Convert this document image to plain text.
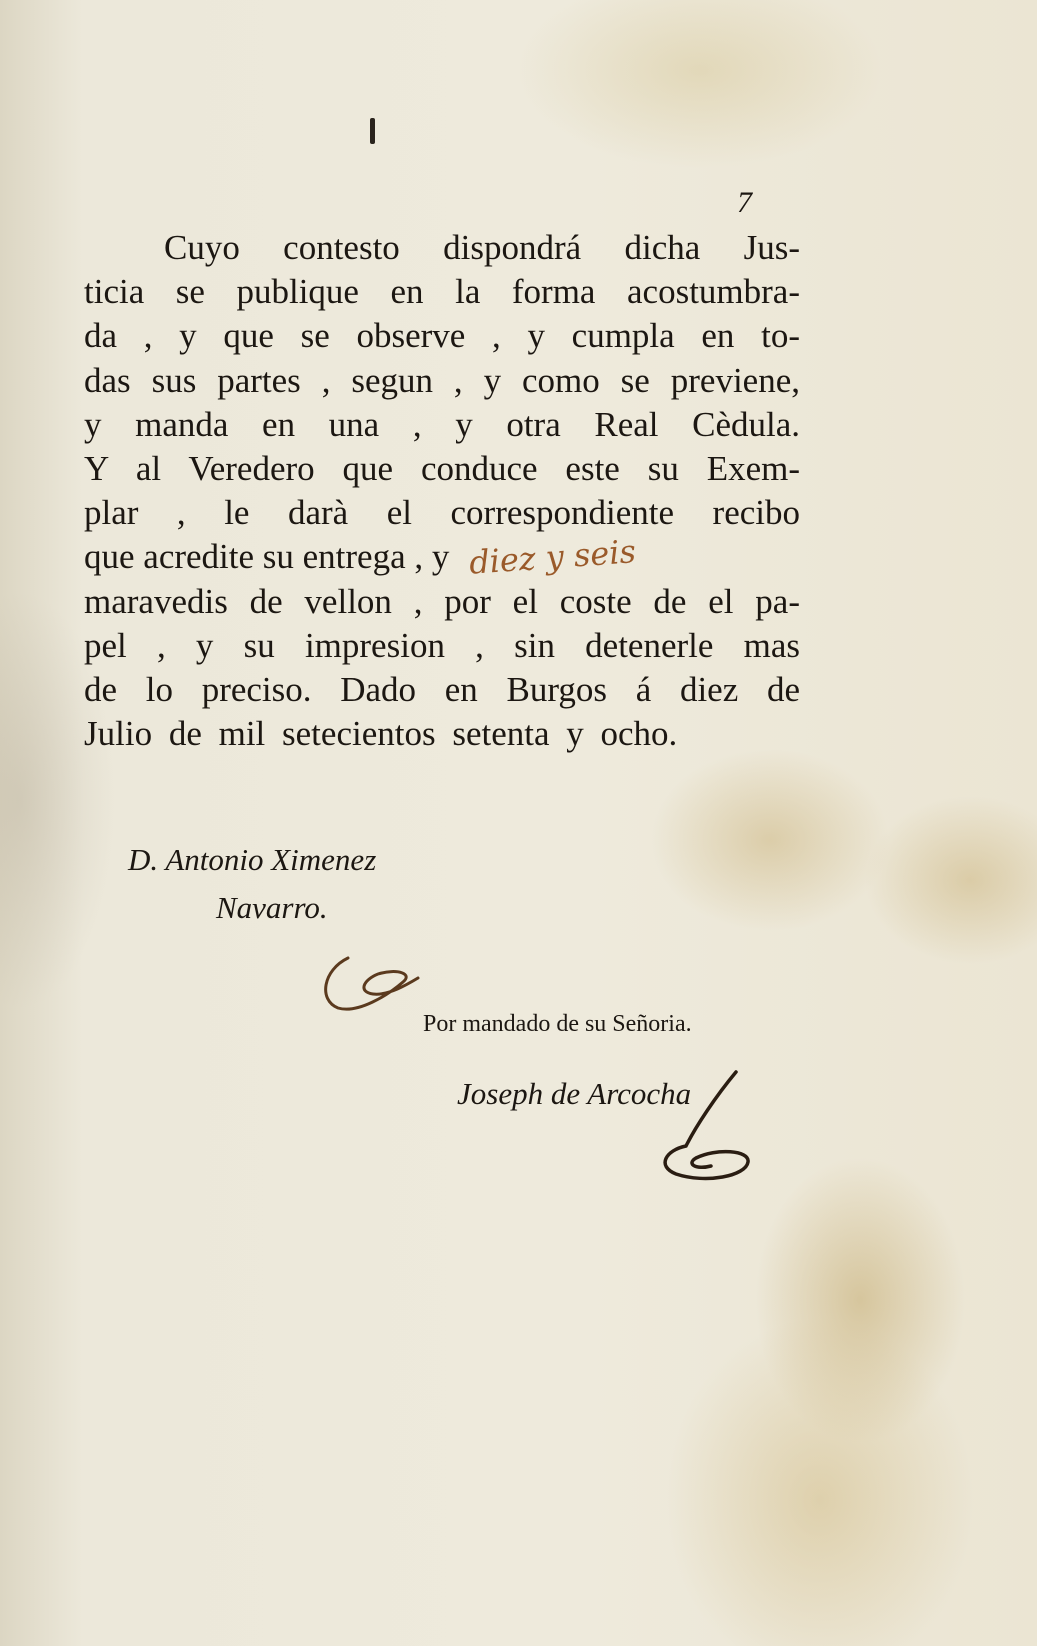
7
Cuyo contesto dispondrá dicha Jus-
ticia se publique en la forma acostumbra-
da , y que se observe , y cumpla en to-
das sus partes , segun , y como se previene,
y manda en una , y otra Real Cèdula.
Y al Veredero que conduce este su Exem-
plar , le darà el correspondiente recibo
que acredite su entrega , y diez y seis
maravedis de vellon , por el coste de el pa-
pel , y su impresion , sin detenerle mas
de lo preciso. Dado en Burgos á diez de
Julio de mil setecientos setenta y ocho.
D. Antonio Ximenez
Navarro.
Por mandado de su Señoria.
Joseph de Arcocha
